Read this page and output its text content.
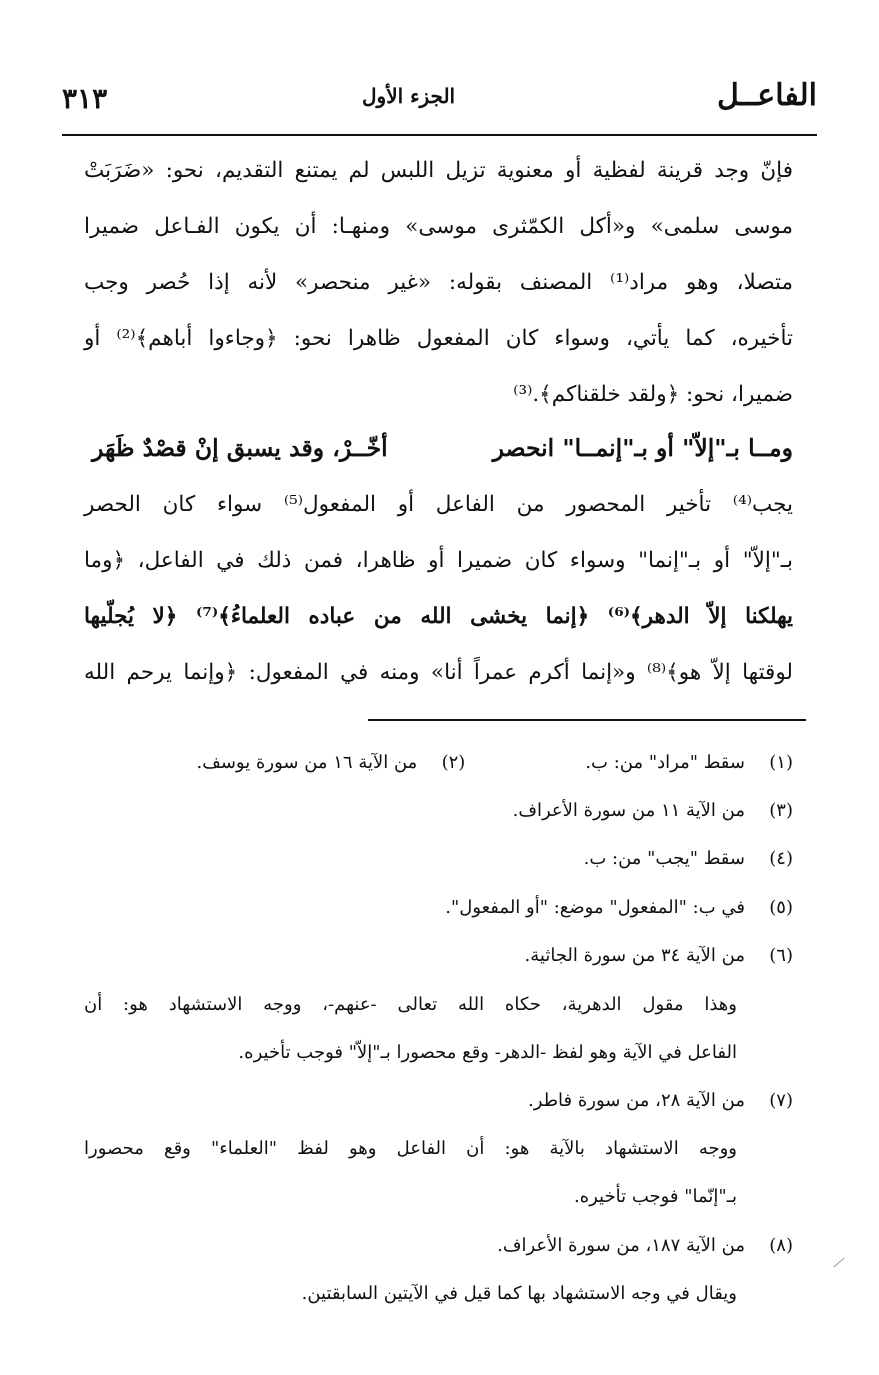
الفاعــل
الجزء الأول
٣١٣
فإنّ وجد قرينة لفظية أو معنوية تزيل اللبس لم يمتنع التقديم، نحو: «ضَرَبَتْ
موسى سلمى» و«أكل الكمّثرى موسى» ومنهـا: أن يكون الفـاعل ضميرا
متصلا، وهو مراد⁽¹⁾ المصنف بقوله: «غير منحصر» لأنه إذا حُصر وجب
تأخيره، كما يأتي، وسواء كان المفعول ظاهرا نحو: ﴿وجاءوا أباهم﴾⁽²⁾ أو
ضميرا، نحو: ﴿ولقد خلقناكم﴾.⁽³⁾
ومــا بـ"إلاّ" أو بـ"إنمــا" انحصر
أخّــرْ، وقد يسبق إنْ قصْدٌ ظَهَر
يجب⁽⁴⁾ تأخير المحصور من الفاعل أو المفعول⁽⁵⁾ سواء كان الحصر
بـ"إلاّ" أو بـ"إنما" وسواء كان ضميرا أو ظاهرا، فمن ذلك في الفاعل، ﴿وما
يهلكنا إلاّ الدهر﴾⁽⁶⁾ ﴿إنما يخشى الله من عباده العلماءُ﴾⁽⁷⁾ ﴿لا يُجلّيها
لوقتها إلاّ هو﴾⁽⁸⁾ و«إنما أكرم عمراً أنا» ومنه في المفعول: ﴿وإنما يرحم الله
(١)سقط "مراد" من: ب.(٢)من الآية ١٦ من سورة يوسف.
(٣)من الآية ١١ من سورة الأعراف.
(٤)سقط "يجب" من: ب.
(٥)في ب: "المفعول" موضع: "أو المفعول".
(٦)من الآية ٣٤ من سورة الجاثية.
وهذا مقول الدهرية، حكاه الله تعالى -عنهم-، ووجه الاستشهاد هو: أن
الفاعل في الآية وهو لفظ -الدهر- وقع محصورا بـ"إلاّ" فوجب تأخيره.
(٧)من الآية ٢٨، من سورة فاطر.
ووجه الاستشهاد بالآية هو: أن الفاعل وهو لفظ "العلماء" وقع محصورا
بـ"إنّما" فوجب تأخيره.
(٨)من الآية ١٨٧، من سورة الأعراف.
ويقال في وجه الاستشهاد بها كما قيل في الآيتين السابقتين.
